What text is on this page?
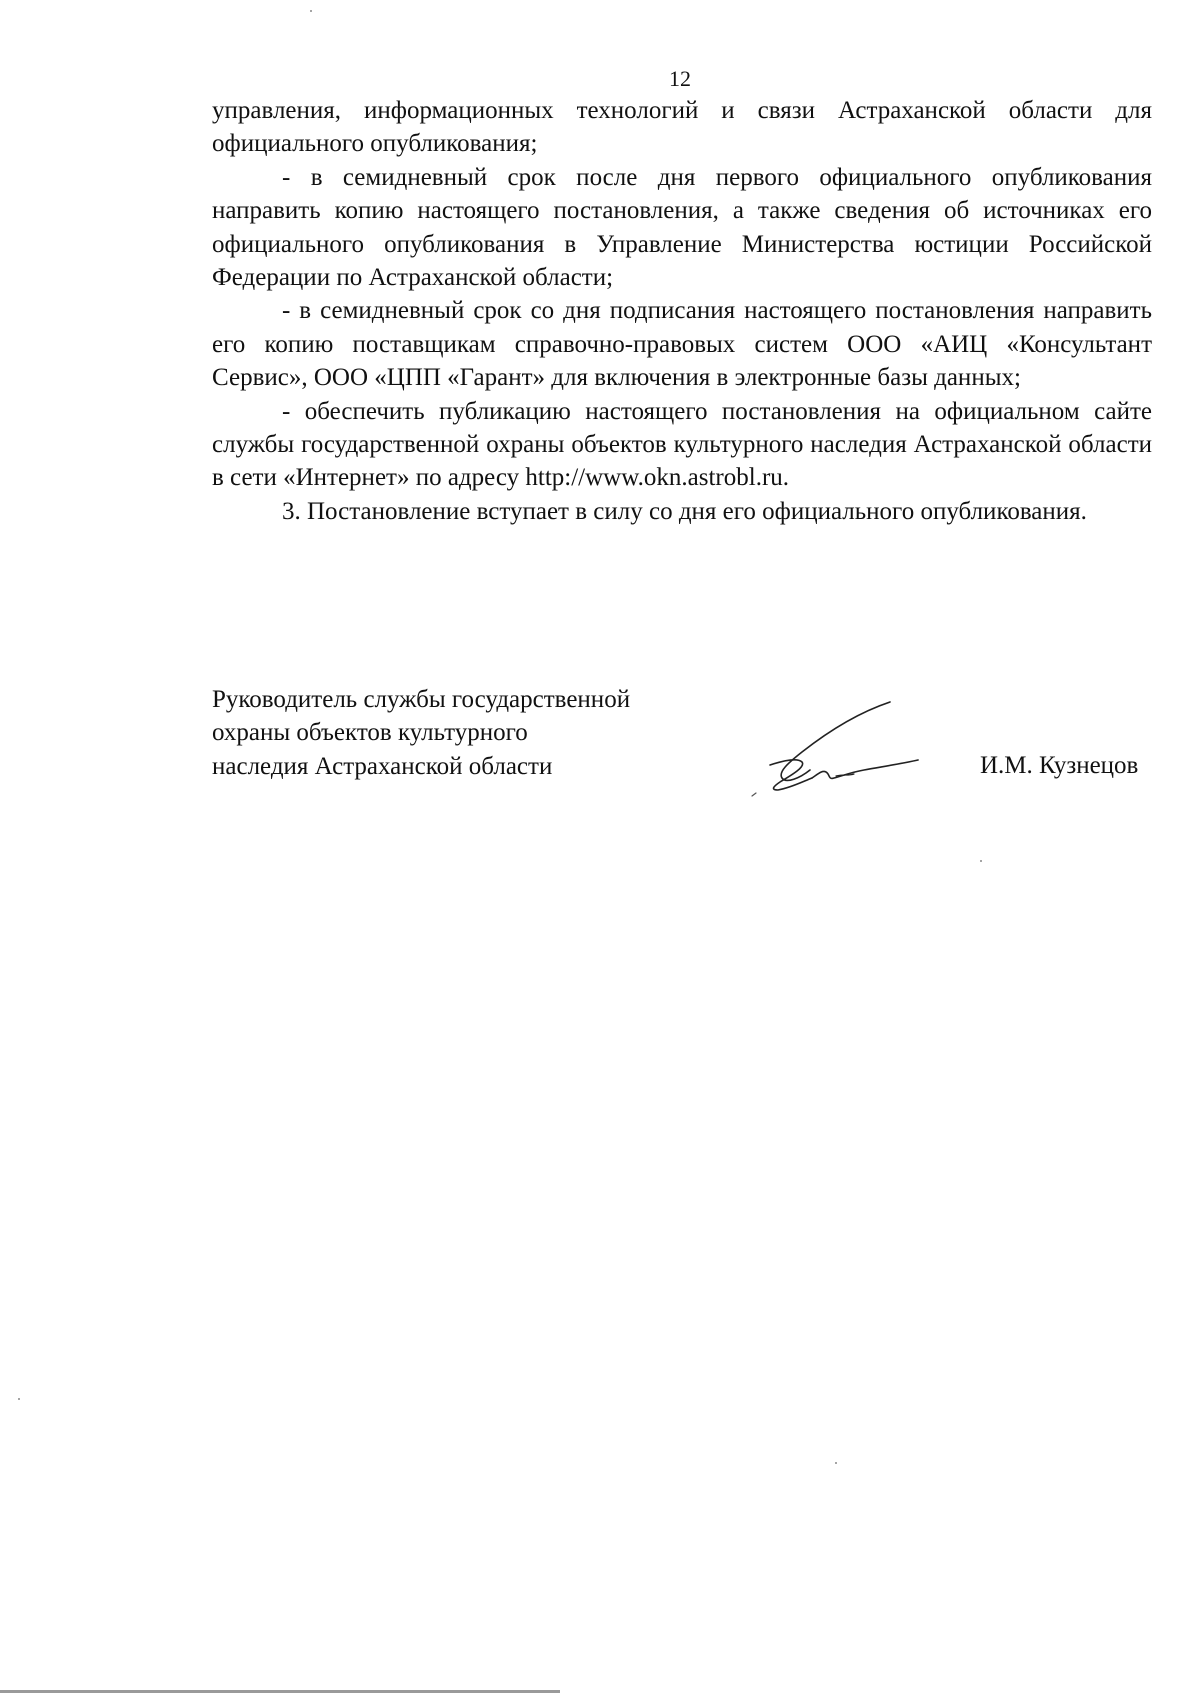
12

управления, информационных технологий и связи Астраханской области для официального опубликования;

- в семидневный срок после дня первого официального опубликования направить копию настоящего постановления, а также сведения об источниках его официального опубликования в Управление Министерства юстиции Российской Федерации по Астраханской области;

- в семидневный срок со дня подписания настоящего постановления направить его копию поставщикам справочно-правовых систем ООО «АИЦ «Консультант Сервис», ООО «ЦПП «Гарант» для включения в электронные базы данных;

- обеспечить публикацию настоящего постановления на официальном сайте службы государственной охраны объектов культурного наследия Астраханской области в сети «Интернет» по адресу http://www.okn.astrobl.ru.

3. Постановление вступает в силу со дня его официального опубликования.

Руководитель службы государственной
охраны объектов культурного
наследия Астраханской области	И.М. Кузнецов
